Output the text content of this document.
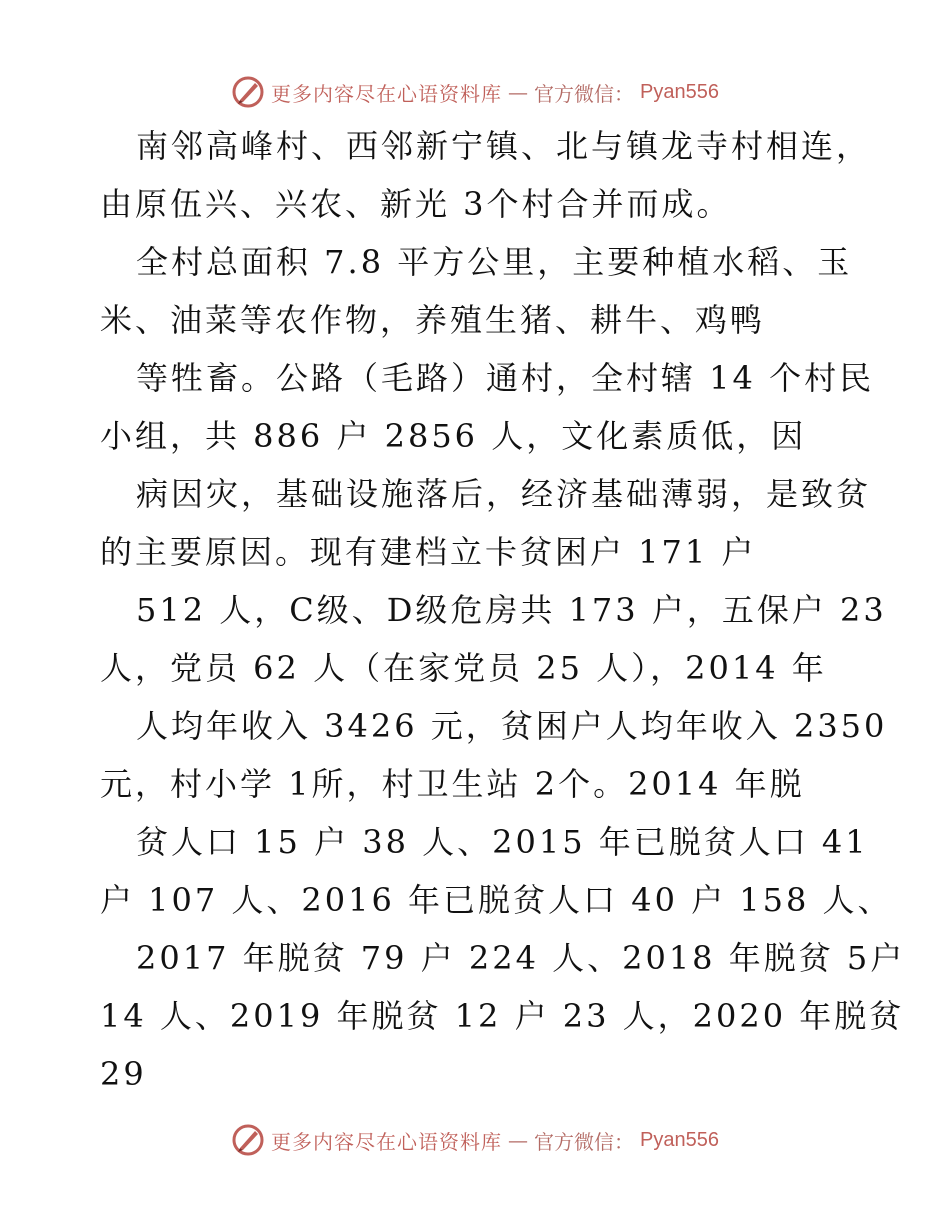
更多内容尽在心语资料库 — 官方微信： Pyan556
南邻高峰村、西邻新宁镇、北与镇龙寺村相连，
由原伍兴、兴农、新光 3个村合并而成。
全村总面积 7.8 平方公里，主要种植水稻、玉
米、油菜等农作物，养殖生猪、耕牛、鸡鸭
等牲畜。公路（毛路）通村，全村辖 14 个村民
小组，共 886 户 2856 人，文化素质低，因
病因灾，基础设施落后，经济基础薄弱，是致贫
的主要原因。现有建档立卡贫困户 171 户
512 人，C级、D级危房共 173 户，五保户 23
人，党员 62 人（在家党员 25 人），2014 年
人均年收入 3426 元，贫困户人均年收入 2350
元，村小学 1所，村卫生站 2个。2014 年脱
贫人口 15 户 38 人、2015 年已脱贫人口 41
户 107 人、2016 年已脱贫人口 40 户 158 人、
2017 年脱贫 79 户 224 人、2018 年脱贫 5户
14 人、2019 年脱贫 12 户 23 人，2020 年脱贫
29
更多内容尽在心语资料库 — 官方微信： Pyan556
